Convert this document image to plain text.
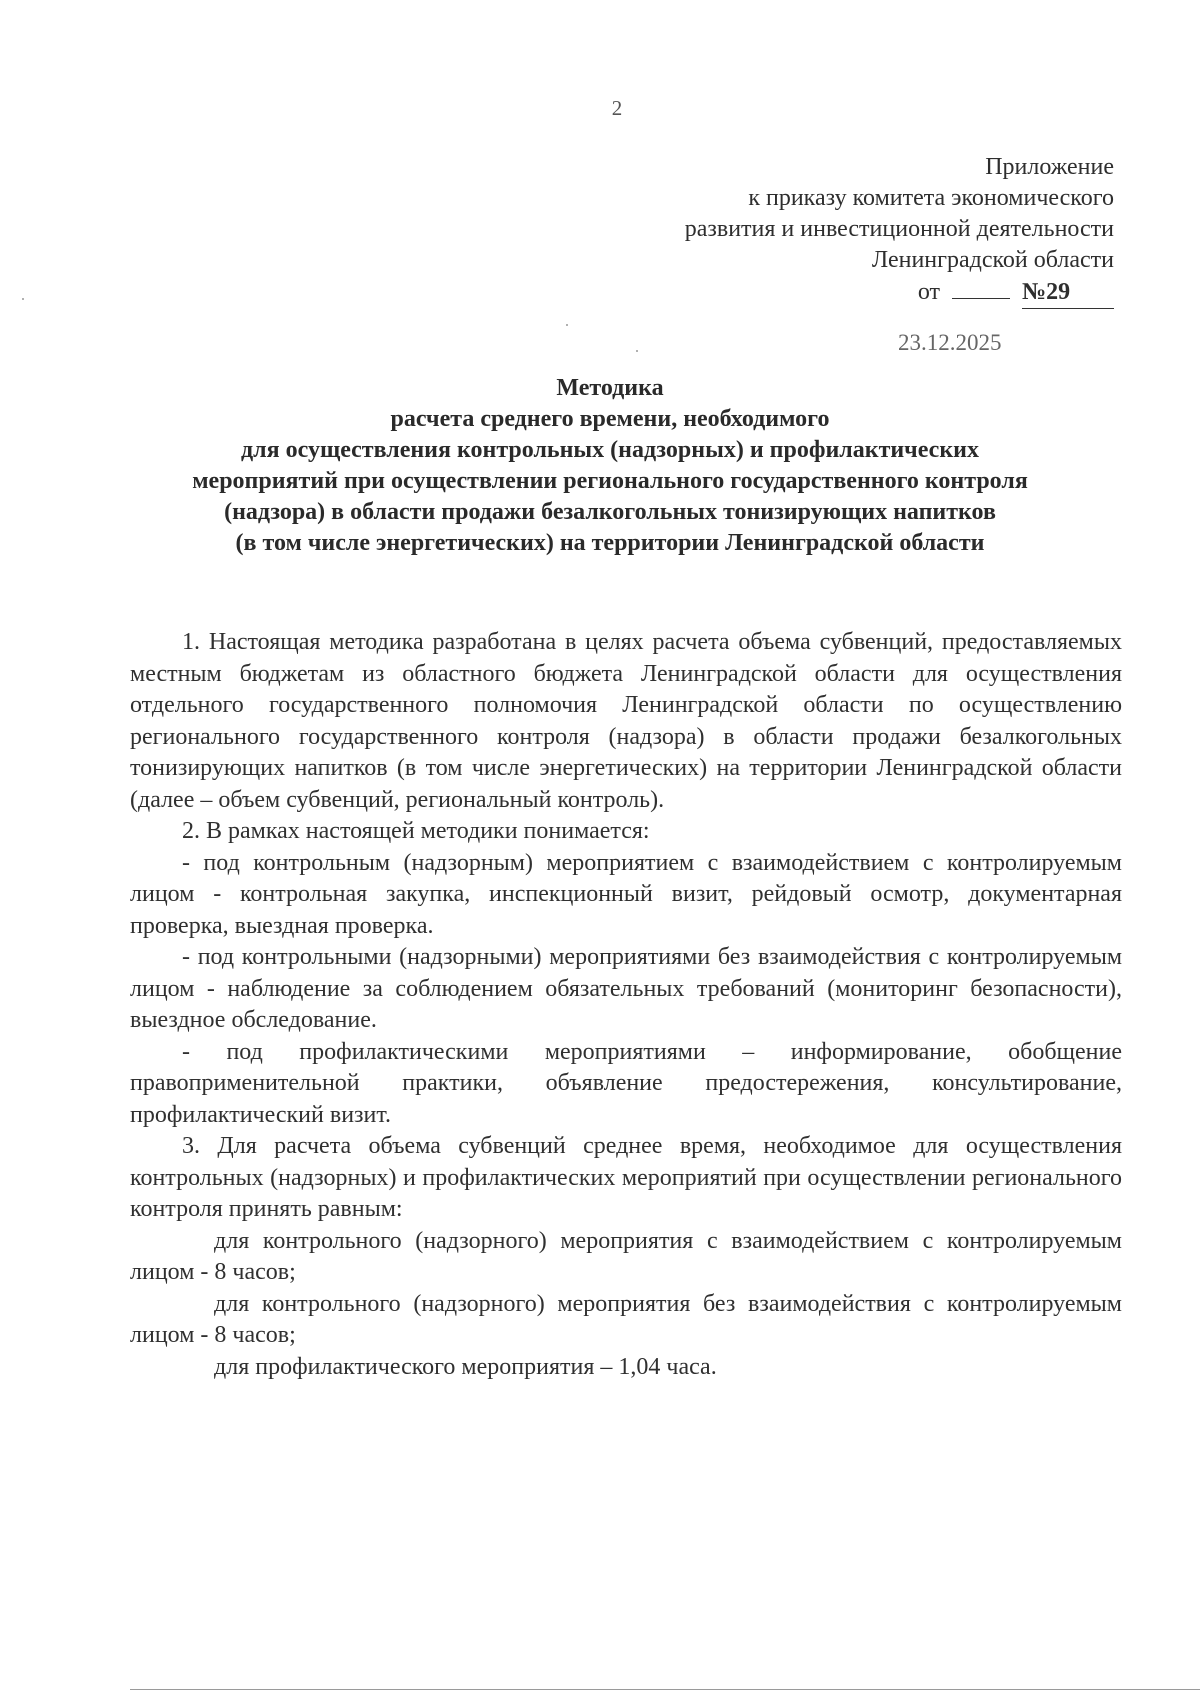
2
Приложение
к приказу комитета экономического
развития и инвестиционной деятельности
Ленинградской области
от	№29
23.12.2025
Методика
расчета среднего времени, необходимого
для осуществления контрольных (надзорных) и профилактических
мероприятий при осуществлении регионального государственного контроля
(надзора) в области продажи безалкогольных тонизирующих напитков
(в том числе энергетических) на территории Ленинградской области

1. Настоящая методика разработана в целях расчета объема субвенций, предоставляемых местным бюджетам из областного бюджета Ленинградской области для осуществления отдельного государственного полномочия Ленинградской области по осуществлению регионального государственного контроля (надзора) в области продажи безалкогольных тонизирующих напитков (в том числе энергетических) на территории Ленинградской области (далее – объем субвенций, региональный контроль).

2. В рамках настоящей методики понимается:

- под контрольным (надзорным) мероприятием с взаимодействием с контролируемым лицом - контрольная закупка, инспекционный визит, рейдовый осмотр, документарная проверка, выездная проверка.

- под контрольными (надзорными) мероприятиями без взаимодействия с контролируемым лицом - наблюдение за соблюдением обязательных требований (мониторинг безопасности), выездное обследование.

- под профилактическими мероприятиями – информирование, обобщение правоприменительной практики, объявление предостережения, консультирование, профилактический визит.

3. Для расчета объема субвенций среднее время, необходимое для осуществления контрольных (надзорных) и профилактических мероприятий при осуществлении регионального контроля принять равным:

для контрольного (надзорного) мероприятия с взаимодействием с контролируемым лицом - 8 часов;

для контрольного (надзорного) мероприятия без взаимодействия с контролируемым лицом - 8 часов;

для профилактического мероприятия – 1,04 часа.
